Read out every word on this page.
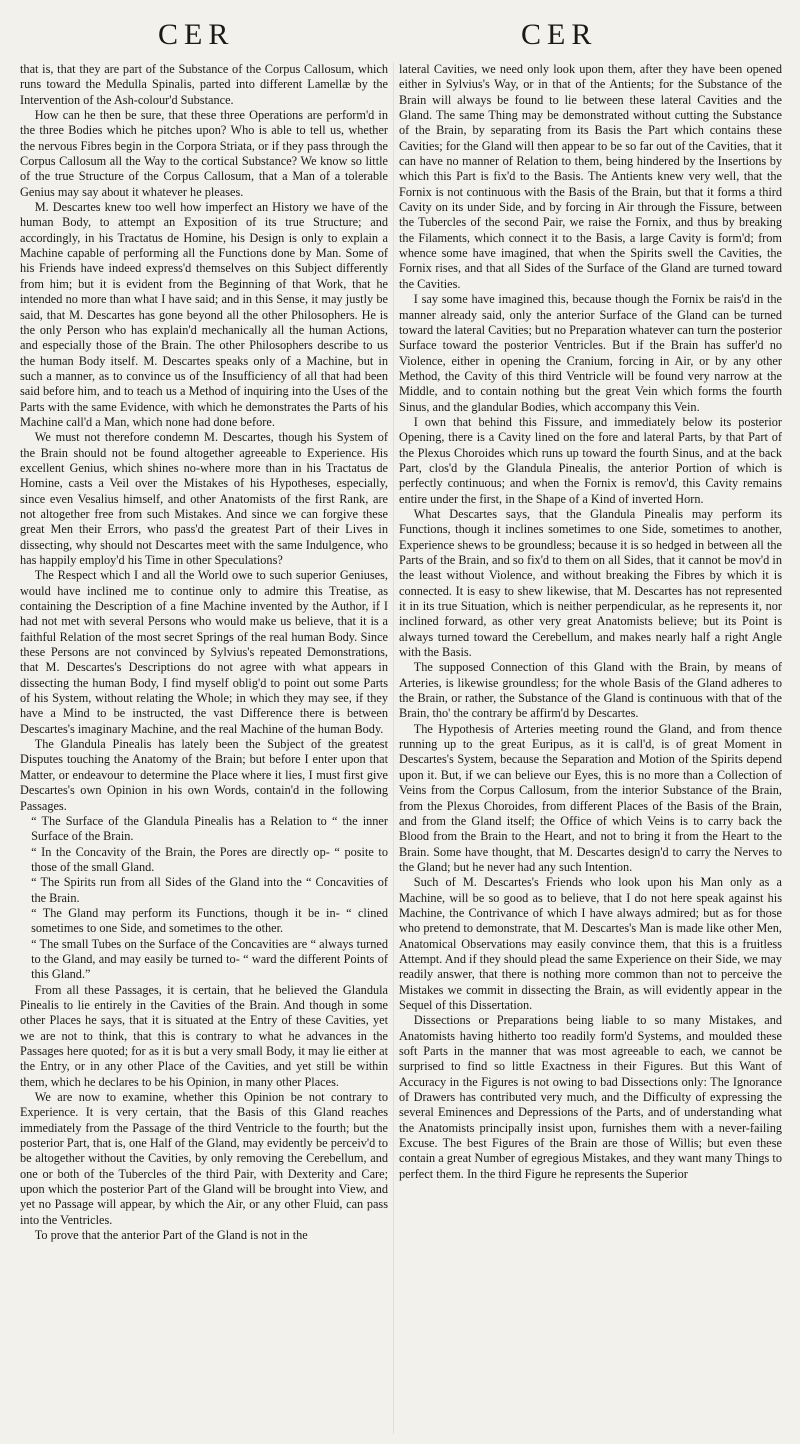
CER	CER

that is, that they are part of the Substance of the Corpus Callosum, which runs toward the Medulla Spinalis, parted into different Lamellæ by the Intervention of the Ash-colour'd Substance.

How can he then be sure, that these three Operations are perform'd in the three Bodies which he pitches upon? Who is able to tell us, whether the nervous Fibres begin in the Corpora Striata, or if they pass through the Corpus Callosum all the Way to the cortical Substance? We know so little of the true Structure of the Corpus Callosum, that a Man of a tolerable Genius may say about it whatever he pleases.

M. Descartes knew too well how imperfect an History we have of the human Body, to attempt an Exposition of its true Structure; and accordingly, in his Tractatus de Homine, his Design is only to explain a Machine capable of performing all the Functions done by Man. Some of his Friends have indeed express'd themselves on this Subject differently from him; but it is evident from the Beginning of that Work, that he intended no more than what I have said; and in this Sense, it may justly be said, that M. Descartes has gone beyond all the other Philosophers. He is the only Person who has explain'd mechanically all the human Actions, and especially those of the Brain. The other Philosophers describe to us the human Body itself. M. Descartes speaks only of a Machine, but in such a manner, as to convince us of the Insufficiency of all that had been said before him, and to teach us a Method of inquiring into the Uses of the Parts with the same Evidence, with which he demonstrates the Parts of his Machine call'd a Man, which none had done before.

We must not therefore condemn M. Descartes, though his System of the Brain should not be found altogether agreeable to Experience. His excellent Genius, which shines no-where more than in his Tractatus de Homine, casts a Veil over the Mistakes of his Hypotheses, especially, since even Vesalius himself, and other Anatomists of the first Rank, are not altogether free from such Mistakes. And since we can forgive these great Men their Errors, who pass'd the greatest Part of their Lives in dissecting, why should not Descartes meet with the same Indulgence, who has happily employ'd his Time in other Speculations?

The Respect which I and all the World owe to such superior Geniuses, would have inclined me to continue only to admire this Treatise, as containing the Description of a fine Machine invented by the Author, if I had not met with several Persons who would make us believe, that it is a faithful Relation of the most secret Springs of the real human Body. Since these Persons are not convinced by Sylvius's repeated Demonstrations, that M. Descartes's Descriptions do not agree with what appears in dissecting the human Body, I find myself oblig'd to point out some Parts of his System, without relating the Whole; in which they may see, if they have a Mind to be instructed, the vast Difference there is between Descartes's imaginary Machine, and the real Machine of the human Body.

The Glandula Pinealis has lately been the Subject of the greatest Disputes touching the Anatomy of the Brain; but before I enter upon that Matter, or endeavour to determine the Place where it lies, I must first give Descartes's own Opinion in his own Words, contain'd in the following Passages.

“ The Surface of the Glandula Pinealis has a Relation to “ the inner Surface of the Brain.

“ In the Concavity of the Brain, the Pores are directly op- “ posite to those of the small Gland.

“ The Spirits run from all Sides of the Gland into the “ Concavities of the Brain.

“ The Gland may perform its Functions, though it be in- “ clined sometimes to one Side, and sometimes to the other.

“ The small Tubes on the Surface of the Concavities are “ always turned to the Gland, and may easily be turned to- “ ward the different Points of this Gland.”

From all these Passages, it is certain, that he believed the Glandula Pinealis to lie entirely in the Cavities of the Brain. And though in some other Places he says, that it is situated at the Entry of these Cavities, yet we are not to think, that this is contrary to what he advances in the Passages here quoted; for as it is but a very small Body, it may lie either at the Entry, or in any other Place of the Cavities, and yet still be within them, which he declares to be his Opinion, in many other Places.

We are now to examine, whether this Opinion be not contrary to Experience. It is very certain, that the Basis of this Gland reaches immediately from the Passage of the third Ventricle to the fourth; but the posterior Part, that is, one Half of the Gland, may evidently be perceiv'd to be altogether without the Cavities, by only removing the Cerebellum, and one or both of the Tubercles of the third Pair, with Dexterity and Care; upon which the posterior Part of the Gland will be brought into View, and yet no Passage will appear, by which the Air, or any other Fluid, can pass into the Ventricles.

To prove that the anterior Part of the Gland is not in the

lateral Cavities, we need only look upon them, after they have been opened either in Sylvius's Way, or in that of the Antients; for the Substance of the Brain will always be found to lie between these lateral Cavities and the Gland. The same Thing may be demonstrated without cutting the Substance of the Brain, by separating from its Basis the Part which contains these Cavities; for the Gland will then appear to be so far out of the Cavities, that it can have no manner of Relation to them, being hindered by the Insertions by which this Part is fix'd to the Basis. The Antients knew very well, that the Fornix is not continuous with the Basis of the Brain, but that it forms a third Cavity on its under Side, and by forcing in Air through the Fissure, between the Tubercles of the second Pair, we raise the Fornix, and thus by breaking the Filaments, which connect it to the Basis, a large Cavity is form'd; from whence some have imagined, that when the Spirits swell the Cavities, the Fornix rises, and that all Sides of the Surface of the Gland are turned toward the Cavities.

I say some have imagined this, because though the Fornix be rais'd in the manner already said, only the anterior Surface of the Gland can be turned toward the lateral Cavities; but no Preparation whatever can turn the posterior Surface toward the posterior Ventricles. But if the Brain has suffer'd no Violence, either in opening the Cranium, forcing in Air, or by any other Method, the Cavity of this third Ventricle will be found very narrow at the Middle, and to contain nothing but the great Vein which forms the fourth Sinus, and the glandular Bodies, which accompany this Vein.

I own that behind this Fissure, and immediately below its posterior Opening, there is a Cavity lined on the fore and lateral Parts, by that Part of the Plexus Choroides which runs up toward the fourth Sinus, and at the back Part, clos'd by the Glandula Pinealis, the anterior Portion of which is perfectly continuous; and when the Fornix is remov'd, this Cavity remains entire under the first, in the Shape of a Kind of inverted Horn.

What Descartes says, that the Glandula Pinealis may perform its Functions, though it inclines sometimes to one Side, sometimes to another, Experience shews to be groundless; because it is so hedged in between all the Parts of the Brain, and so fix'd to them on all Sides, that it cannot be mov'd in the least without Violence, and without breaking the Fibres by which it is connected. It is easy to shew likewise, that M. Descartes has not represented it in its true Situation, which is neither perpendicular, as he represents it, nor inclined forward, as other very great Anatomists believe; but its Point is always turned toward the Cerebellum, and makes nearly half a right Angle with the Basis.

The supposed Connection of this Gland with the Brain, by means of Arteries, is likewise groundless; for the whole Basis of the Gland adheres to the Brain, or rather, the Substance of the Gland is continuous with that of the Brain, tho' the contrary be affirm'd by Descartes.

The Hypothesis of Arteries meeting round the Gland, and from thence running up to the great Euripus, as it is call'd, is of great Moment in Descartes's System, because the Separation and Motion of the Spirits depend upon it. But, if we can believe our Eyes, this is no more than a Collection of Veins from the Corpus Callosum, from the interior Substance of the Brain, from the Plexus Choroides, from different Places of the Basis of the Brain, and from the Gland itself; the Office of which Veins is to carry back the Blood from the Brain to the Heart, and not to bring it from the Heart to the Brain. Some have thought, that M. Descartes design'd to carry the Nerves to the Gland; but he never had any such Intention.

Such of M. Descartes's Friends who look upon his Man only as a Machine, will be so good as to believe, that I do not here speak against his Machine, the Contrivance of which I have always admired; but as for those who pretend to demonstrate, that M. Descartes's Man is made like other Men, Anatomical Observations may easily convince them, that this is a fruitless Attempt. And if they should plead the same Experience on their Side, we may readily answer, that there is nothing more common than not to perceive the Mistakes we commit in dissecting the Brain, as will evidently appear in the Sequel of this Dissertation.

Dissections or Preparations being liable to so many Mistakes, and Anatomists having hitherto too readily form'd Systems, and moulded these soft Parts in the manner that was most agreeable to each, we cannot be surprised to find so little Exactness in their Figures. But this Want of Accuracy in the Figures is not owing to bad Dissections only: The Ignorance of Drawers has contributed very much, and the Difficulty of expressing the several Eminences and Depressions of the Parts, and of understanding what the Anatomists principally insist upon, furnishes them with a never-failing Excuse. The best Figures of the Brain are those of Willis; but even these contain a great Number of egregious Mistakes, and they want many Things to perfect them. In the third Figure he represents the Superior
